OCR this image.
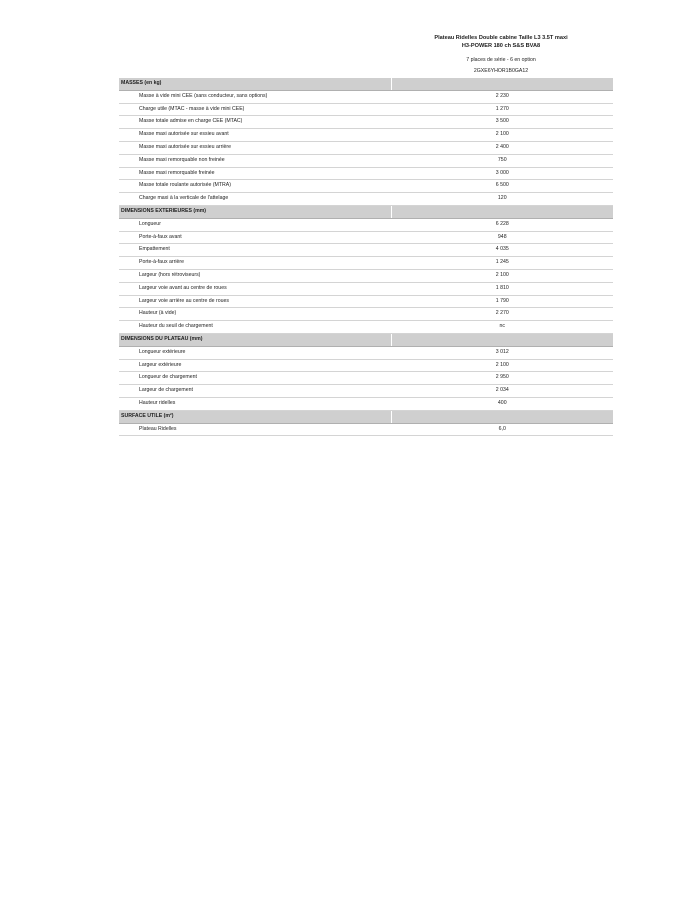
Plateau Ridelles Double cabine Taille L3 3.5T maxi
H3-POWER 180 ch S&S BVA8
7 places de série - 6 en option
2GXE6YHOR1B0GA12
MASSES (en kg)	
Masse à vide mini CEE (sans conducteur, sans options)	2 230
Charge utile (MTAC - masse à vide mini CEE)	1 270
Masse totale admise en charge CEE (MTAC)	3 500
Masse maxi autorisée sur essieu avant	2 100
Masse maxi autorisée sur essieu arrière	2 400
Masse maxi remorquable non freinée	750
Masse maxi remorquable freinée	3 000
Masse totale roulante autorisée (MTRA)	6 500
Charge maxi à la verticale de l'attelage	120
DIMENSIONS EXTERIEURES (mm)	
Longueur	6 228
Porte-à-faux avant	948
Empattement	4 035
Porte-à-faux arrière	1 245
Largeur (hors rétroviseurs)	2 100
Largeur voie avant au centre de roues	1 810
Largeur voie arrière au centre de roues	1 790
Hauteur (à vide)	2 270
Hauteur du seuil de chargement	nc
DIMENSIONS DU PLATEAU (mm)	
Longueur extérieure	3 012
Largeur extérieure	2 100
Longueur de chargement	2 950
Largeur de chargement	2 034
Hauteur ridelles	400
SURFACE UTILE (m²)	
Plateau Ridelles	6,0
